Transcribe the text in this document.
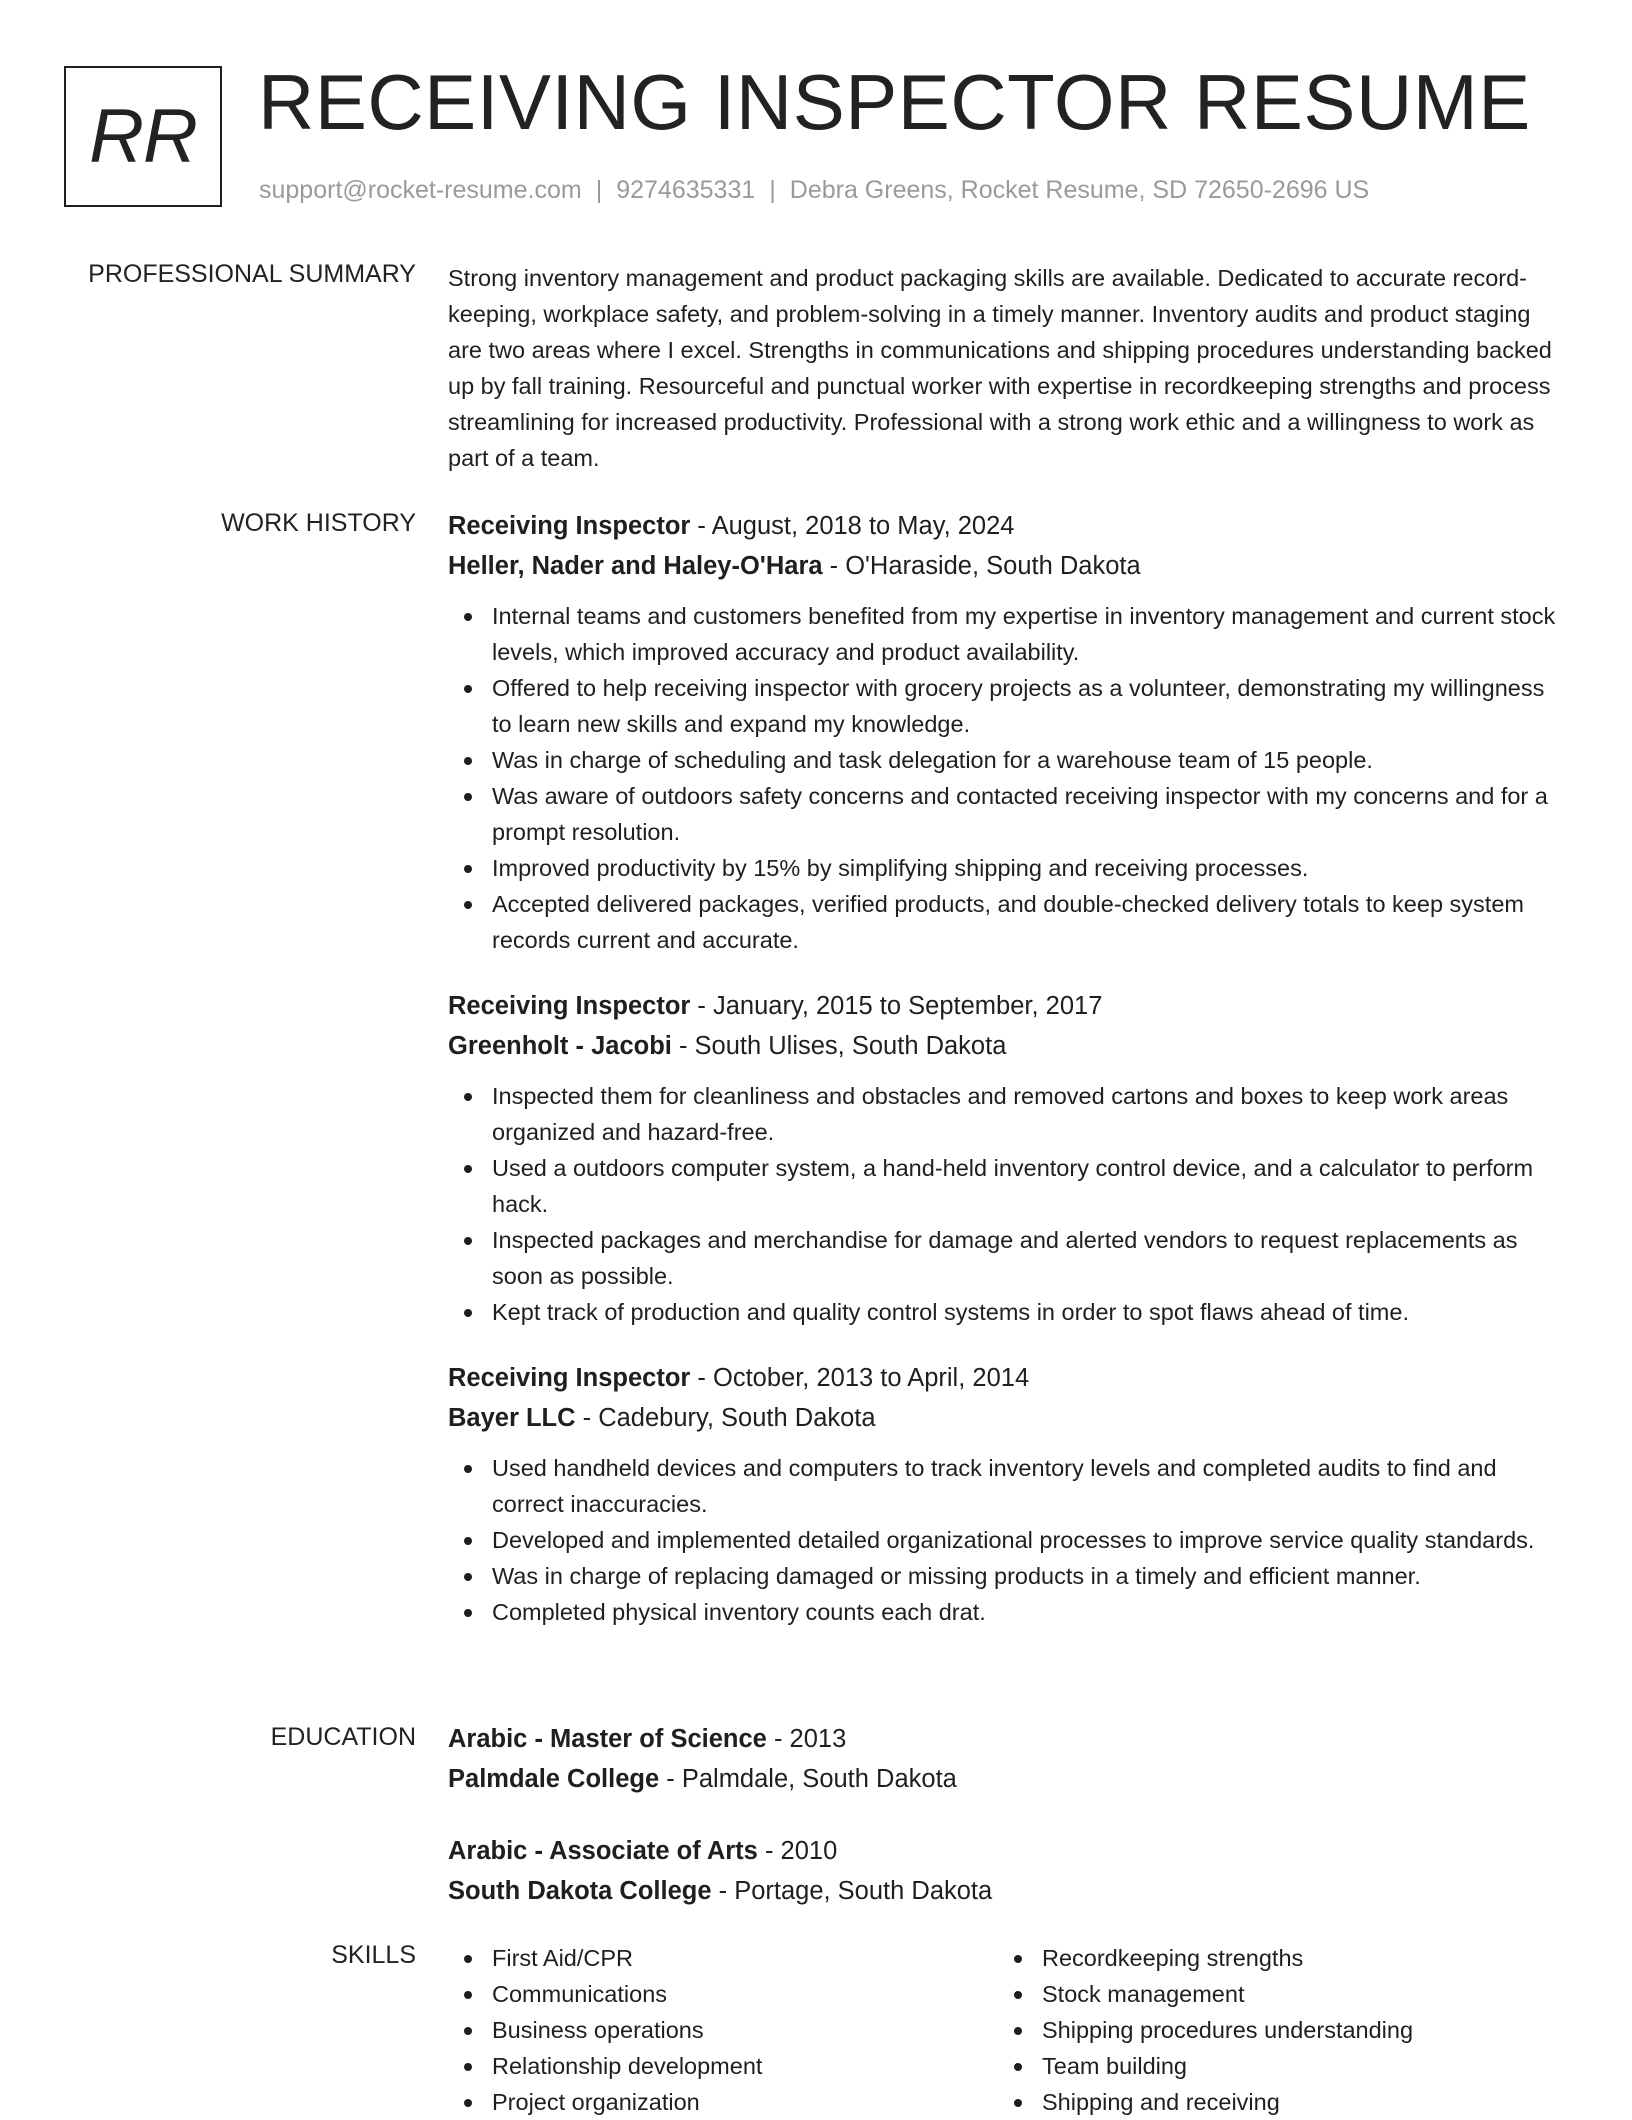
RR RECEIVING INSPECTOR RESUME
support@rocket-resume.com | 9274635331 | Debra Greens, Rocket Resume, SD 72650-2696 US
PROFESSIONAL SUMMARY Strong inventory management and product packaging skills are available. Dedicated to accurate record-keeping, workplace safety, and problem-solving in a timely manner. Inventory audits and product staging are two areas where I excel. Strengths in communications and shipping procedures understanding backed up by fall training. Resourceful and punctual worker with expertise in recordkeeping strengths and process streamlining for increased productivity. Professional with a strong work ethic and a willingness to work as part of a team.

WORK HISTORY Receiving Inspector - August, 2018 to May, 2024
Heller, Nader and Haley-O'Hara - O'Haraside, South Dakota
Internal teams and customers benefited from my expertise in inventory management and current stock levels, which improved accuracy and product availability.
Offered to help receiving inspector with grocery projects as a volunteer, demonstrating my willingness to learn new skills and expand my knowledge.
Was in charge of scheduling and task delegation for a warehouse team of 15 people.
Was aware of outdoors safety concerns and contacted receiving inspector with my concerns and for a prompt resolution.
Improved productivity by 15% by simplifying shipping and receiving processes.
Accepted delivered packages, verified products, and double-checked delivery totals to keep system records current and accurate.
Receiving Inspector - January, 2015 to September, 2017
Greenholt - Jacobi - South Ulises, South Dakota
Inspected them for cleanliness and obstacles and removed cartons and boxes to keep work areas organized and hazard-free.
Used a outdoors computer system, a hand-held inventory control device, and a calculator to perform hack.
Inspected packages and merchandise for damage and alerted vendors to request replacements as soon as possible.
Kept track of production and quality control systems in order to spot flaws ahead of time.
Receiving Inspector - October, 2013 to April, 2014
Bayer LLC - Cadebury, South Dakota
Used handheld devices and computers to track inventory levels and completed audits to find and correct inaccuracies.
Developed and implemented detailed organizational processes to improve service quality standards.
Was in charge of replacing damaged or missing products in a timely and efficient manner.
Completed physical inventory counts each drat.
EDUCATION Arabic - Master of Science - 2013
Palmdale College - Palmdale, South Dakota
Arabic - Associate of Arts - 2010
South Dakota College - Portage, South Dakota
SKILLS	First Aid/CPR
Communications
Business operations
Relationship development
Project organization
Recordkeeping strengths
Stock management
Shipping procedures understanding
Team building
Shipping and receiving
